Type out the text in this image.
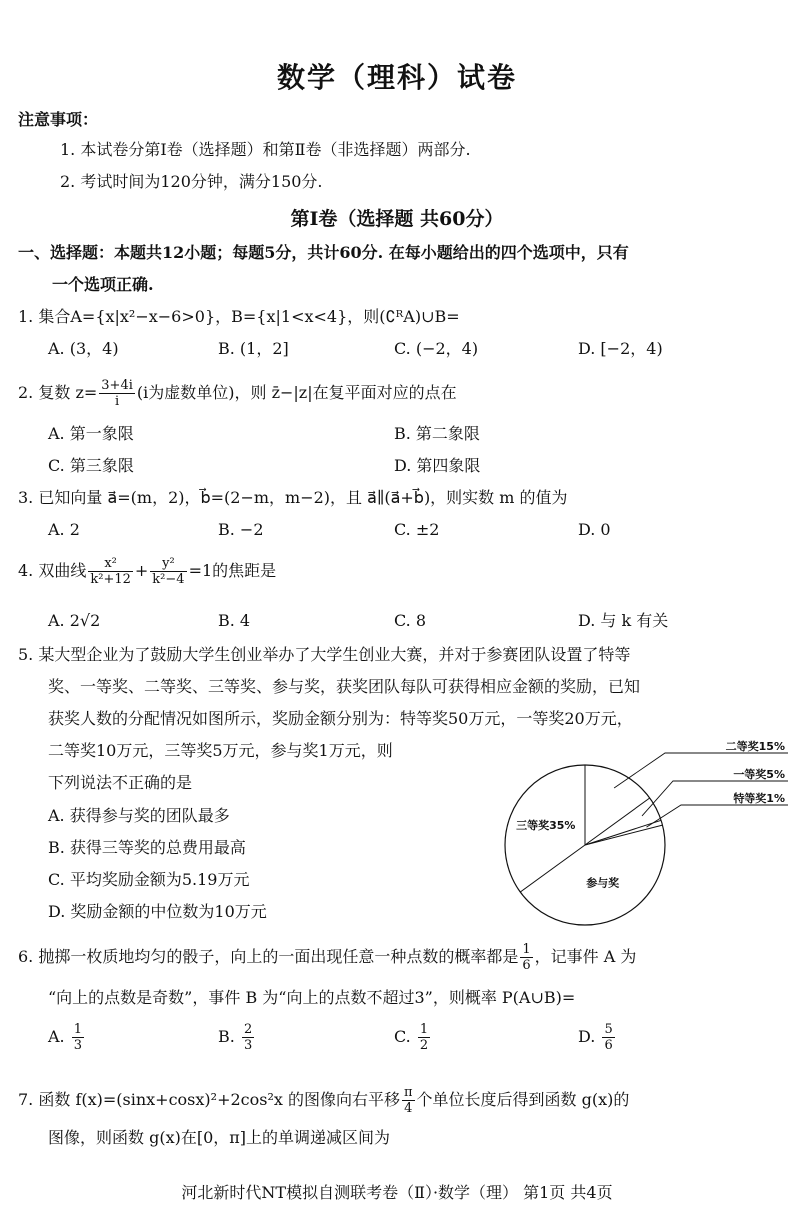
数学（理科）试卷
注意事项：
1. 本试卷分第Ⅰ卷（选择题）和第Ⅱ卷（非选择题）两部分.
2. 考试时间为120分钟，满分150分.
第Ⅰ卷（选择题 共60分）
一、选择题：本题共12小题；每题5分，共计60分. 在每小题给出的四个选项中，只有
一个选项正确.
1. 集合A={x|x²−x−6>0}，B={x|1<x<4}，则(∁ᴿA)∪B=
A. (3，4)	B. (1，2]	C. (−2，4)	D. [−2，4)
2. 复数 $z= \frac{3+4i}{i} (i$为虚数单位)，则 z̄−|z|在复平面对应的点在
A. 第一象限	B. 第二象限
C. 第三象限	D. 第四象限
3. 已知向量 a⃗=(m，2)，b⃗=(2−m，m−2)，且 a⃗∥(a⃗+b⃗)，则实数 m 的值为
A. 2	B. −2	C. ±2	D. 0
4. 双曲线 $\frac{\text{x²}}{\text{k²+12}} + \frac{\text{y²}}{\text{k²−4}} =1$的焦距是
A. 2√2	B. 4	C. 8	D. 与 k 有关
5. 某大型企业为了鼓励大学生创业举办了大学生创业大赛，并对于参赛团队设置了特等
奖、一等奖、二等奖、三等奖、参与奖，获奖团队每队可获得相应金额的奖励，已知
获奖人数的分配情况如图所示，奖励金额分别为：特等奖50万元，一等奖20万元，
二等奖10万元，三等奖5万元，参与奖1万元，则
下列说法不正确的是
A. 获得参与奖的团队最多
B. 获得三等奖的总费用最高
C. 平均奖励金额为5.19万元
D. 奖励金额的中位数为10万元
二等奖15%
一等奖5%
特等奖1%
参与奖
三等奖35%
6. 抛掷一枚质地均匀的骰子，向上的一面出现任意一种点数的概率都是 $\frac{1}{6}$ ，记事件 A 为
“向上的点数是奇数”，事件 B 为“向上的点数不超过3”，则概率 P(A∪B)=
A. $\frac{1}{3}$	B. $\frac{2}{3}$	C. $\frac{1}{2}$	D. $\frac{5}{6}$
7. 函数 f(x)=(sinx+cosx)²+2cos²x 的图像向右平移 $\frac{\pi}{4}$ 个单位长度后得到函数 g(x)的
图像，则函数 g(x)在[0，π]上的单调递减区间为
河北新时代NT模拟自测联考卷（Ⅱ）·数学（理） 第1页 共4页
